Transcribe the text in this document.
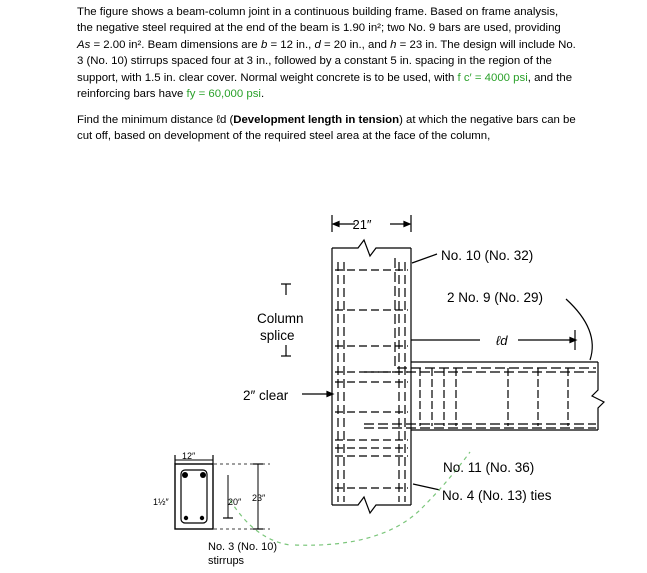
The figure shows a beam-column joint in a continuous building frame. Based on frame analysis, the negative steel required at the end of the beam is 1.90 in²; two No. 9 bars are used, providing As = 2.00 in². Beam dimensions are b = 12 in., d = 20 in., and h = 23 in. The design will include No. 3 (No. 10) stirrups spaced four at 3 in., followed by a constant 5 in. spacing in the region of the support, with 1.5 in. clear cover. Normal weight concrete is to be used, with f c′ = 4000 psi, and the reinforcing bars have fy = 60,000 psi.

Find the minimum distance ℓd (Development length in tension) at which the negative bars can be cut off, based on development of the required steel area at the face of the column,

21″
No. 10 (No. 32)
2 No. 9 (No. 29)
ℓd
Column
splice
2″ clear
No. 11 (No. 36)
No. 4 (No. 13) ties
12″
20″ 23″
1½″
No. 3 (No. 10)
stirrups
